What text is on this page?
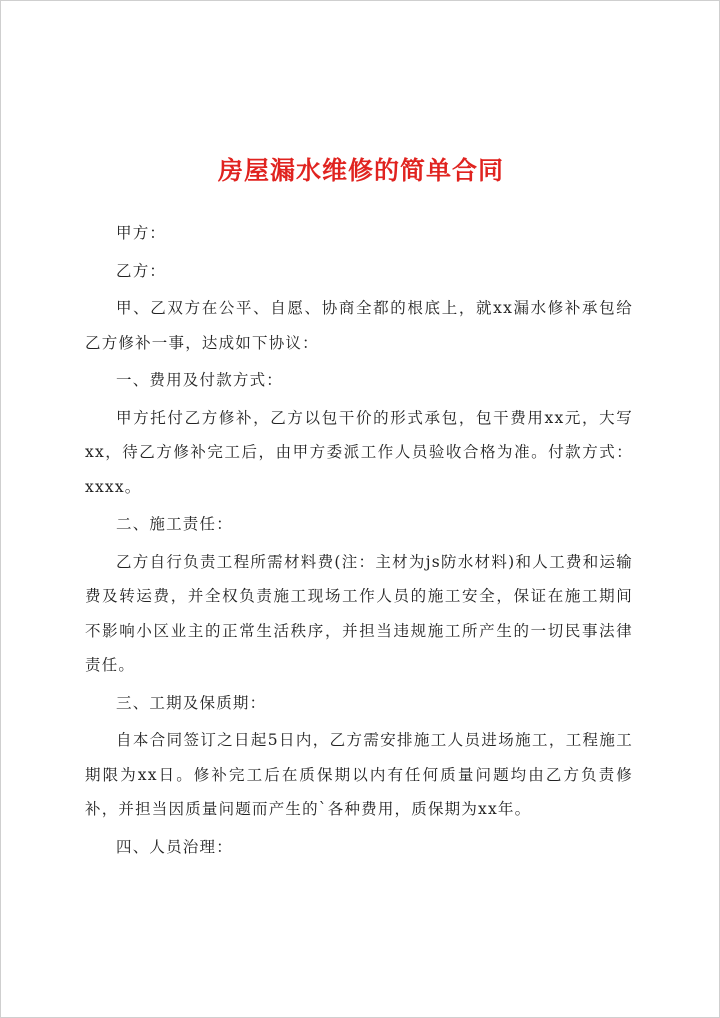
房屋漏水维修的简单合同

甲方：

乙方：

甲、乙双方在公平、自愿、协商全都的根底上，就xx漏水修补承包给乙方修补一事，达成如下协议：

一、费用及付款方式：

甲方托付乙方修补，乙方以包干价的形式承包，包干费用xx元，大写xx，待乙方修补完工后，由甲方委派工作人员验收合格为准。付款方式：xxxx。

二、施工责任：

乙方自行负责工程所需材料费(注：主材为js防水材料)和人工费和运输费及转运费，并全权负责施工现场工作人员的施工安全，保证在施工期间不影响小区业主的正常生活秩序，并担当违规施工所产生的一切民事法律责任。

三、工期及保质期：

自本合同签订之日起5日内，乙方需安排施工人员进场施工，工程施工期限为xx日。修补完工后在质保期以内有任何质量问题均由乙方负责修补，并担当因质量问题而产生的`各种费用，质保期为xx年。

四、人员治理：
